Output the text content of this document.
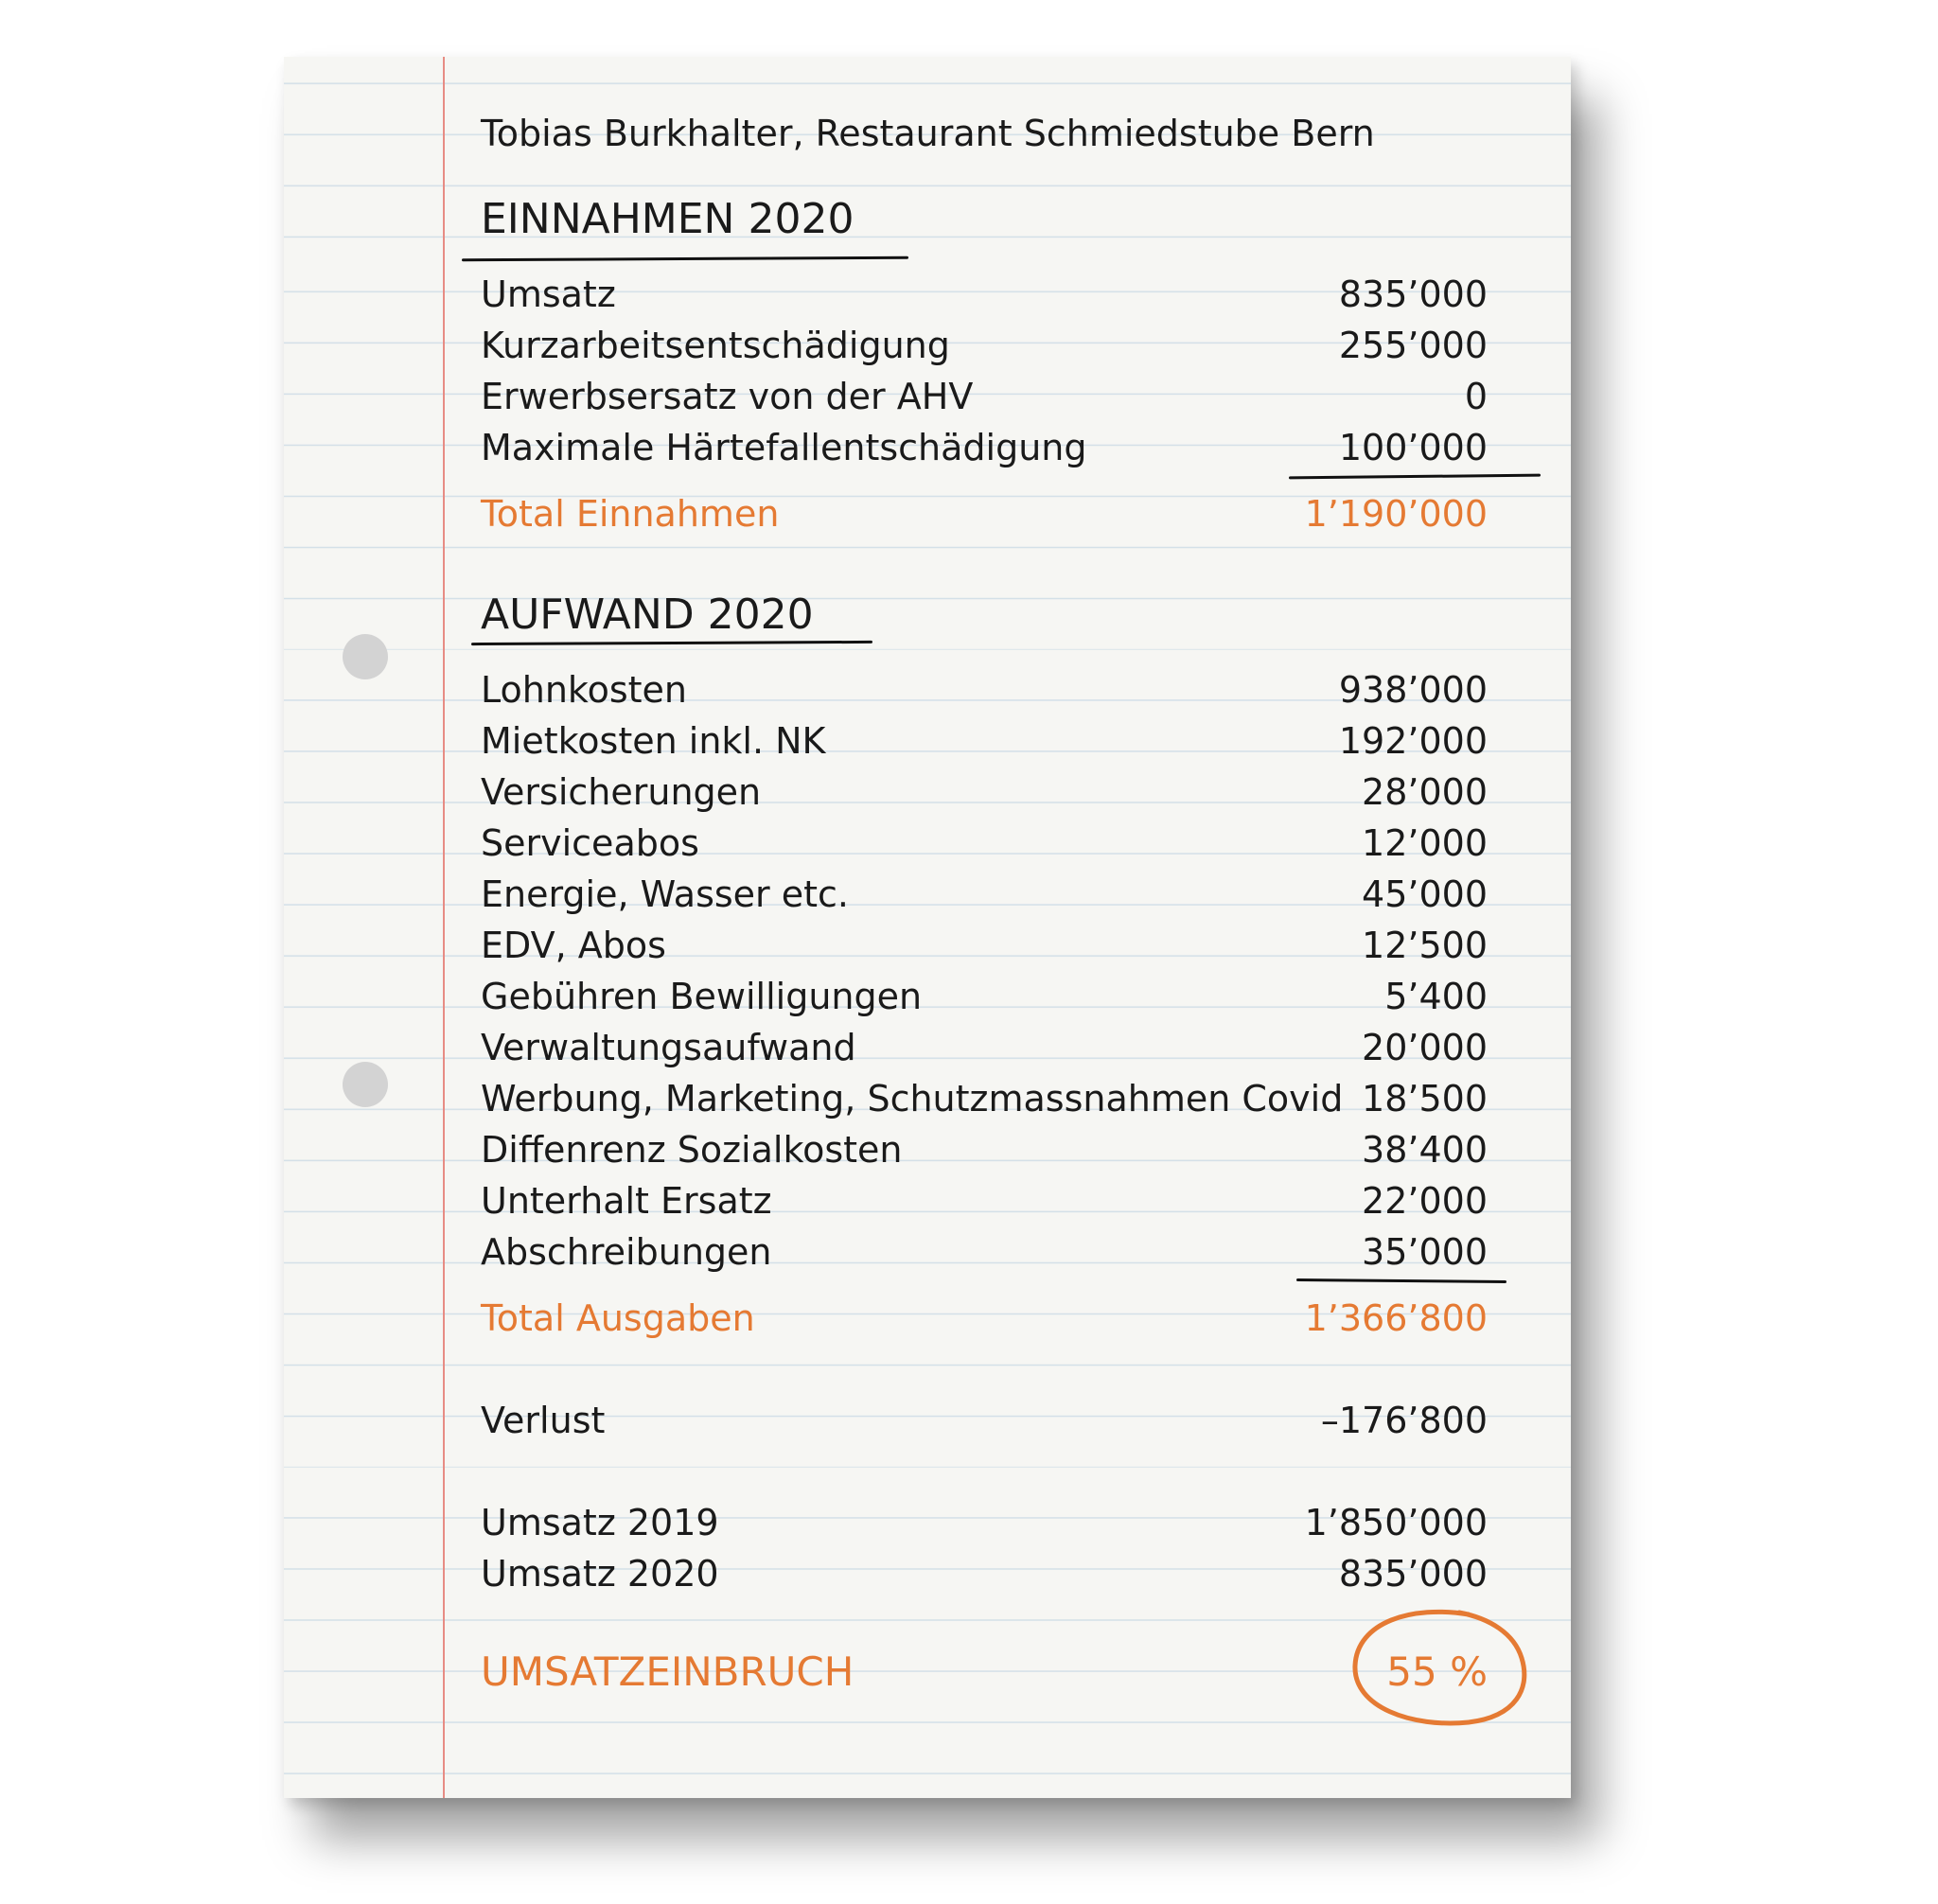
Tobias Burkhalter, Restaurant Schmiedstube Bern
EINNAHMEN 2020
Umsatz	835’000
Kurzarbeitsentschädigung	255’000
Erwerbsersatz von der AHV	0
Maximale Härtefallentschädigung	100’000
Total Einnahmen	1’190’000
AUFWAND 2020
Lohnkosten	938’000
Mietkosten inkl. NK	192’000
Versicherungen	28’000
Serviceabos	12’000
Energie, Wasser etc.	45’000
EDV, Abos	12’500
Gebühren Bewilligungen	5’400
Verwaltungsaufwand	20’000
Werbung, Marketing, Schutzmassnahmen Covid 18’500
Diffenrenz Sozialkosten	38’400
Unterhalt Ersatz	22’000
Abschreibungen	35’000
Total Ausgaben	1’366’800
Verlust	–176’800
Umsatz 2019	1’850’000
Umsatz 2020	835’000
UMSATZEINBRUCH	55 %
